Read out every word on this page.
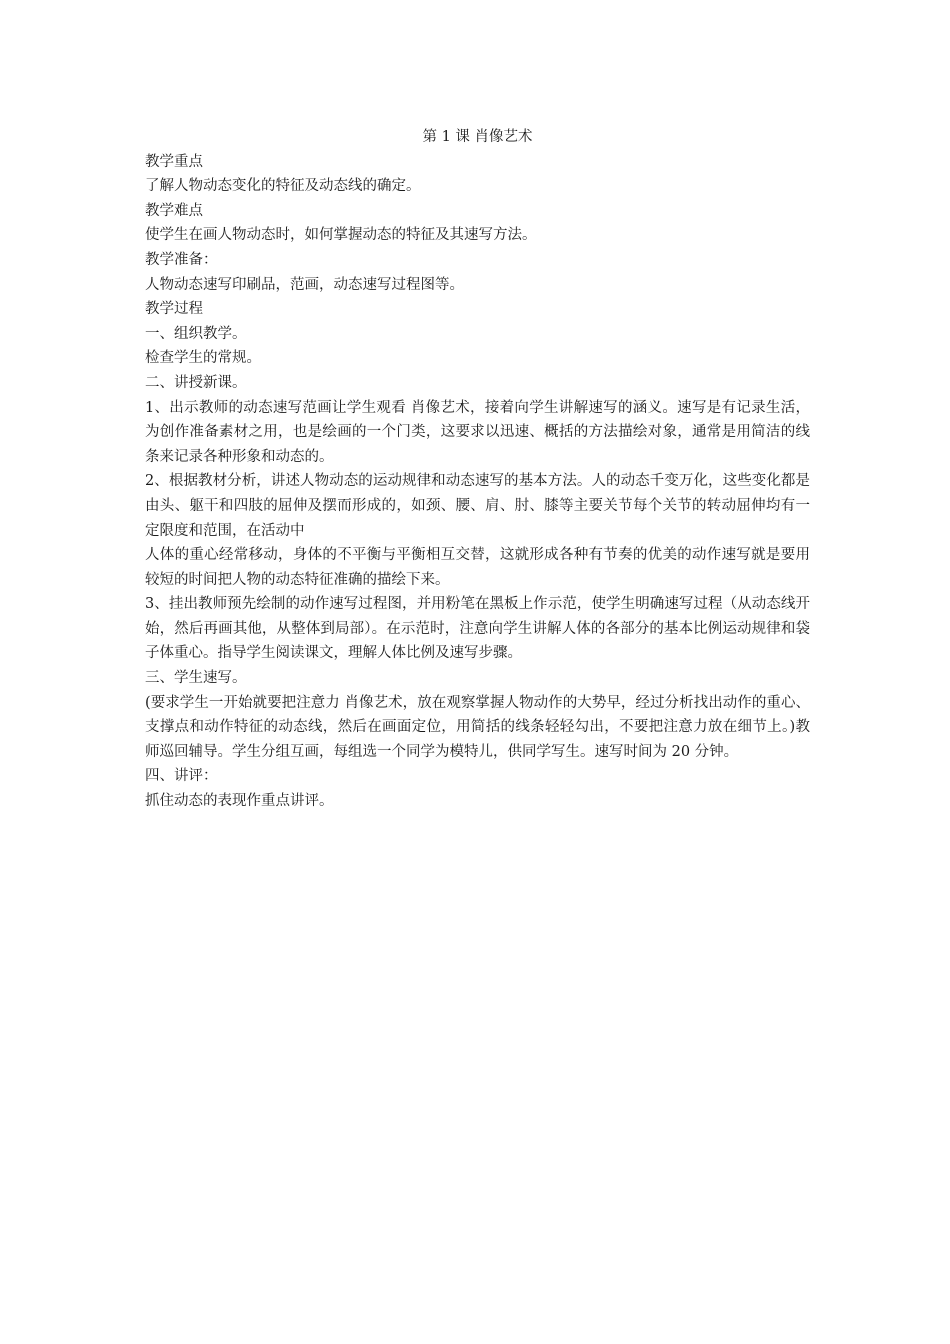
第 1 课 肖像艺术

教学重点

了解人物动态变化的特征及动态线的确定。

教学难点

使学生在画人物动态时，如何掌握动态的特征及其速写方法。

教学准备：

人物动态速写印刷品，范画，动态速写过程图等。

教学过程

一、组织教学。

检查学生的常规。

二、讲授新课。

1、出示教师的动态速写范画让学生观看 肖像艺术，接着向学生讲解速写的涵义。速写是有记录生活，为创作准备素材之用，也是绘画的一个门类，这要求以迅速、概括的方法描绘对象，通常是用简洁的线条来记录各种形象和动态的。

2、根据教材分析，讲述人物动态的运动规律和动态速写的基本方法。人的动态千变万化，这些变化都是由头、躯干和四肢的屈伸及摆而形成的，如颈、腰、肩、肘、膝等主要关节每个关节的转动屈伸均有一定限度和范围，在活动中

人体的重心经常移动，身体的不平衡与平衡相互交替，这就形成各种有节奏的优美的动作速写就是要用较短的时间把人物的动态特征准确的描绘下来。

3、挂出教师预先绘制的动作速写过程图，并用粉笔在黑板上作示范，使学生明确速写过程（从动态线开始，然后再画其他，从整体到局部）。在示范时，注意向学生讲解人体的各部分的基本比例运动规律和袋子体重心。指导学生阅读课文，理解人体比例及速写步骤。

三、学生速写。

(要求学生一开始就要把注意力 肖像艺术，放在观察掌握人物动作的大势早，经过分析找出动作的重心、支撑点和动作特征的动态线，然后在画面定位，用简括的线条轻轻勾出，不要把注意力放在细节上。)教师巡回辅导。学生分组互画，每组选一个同学为模特儿，供同学写生。速写时间为 20 分钟。

四、讲评：

抓住动态的表现作重点讲评。
